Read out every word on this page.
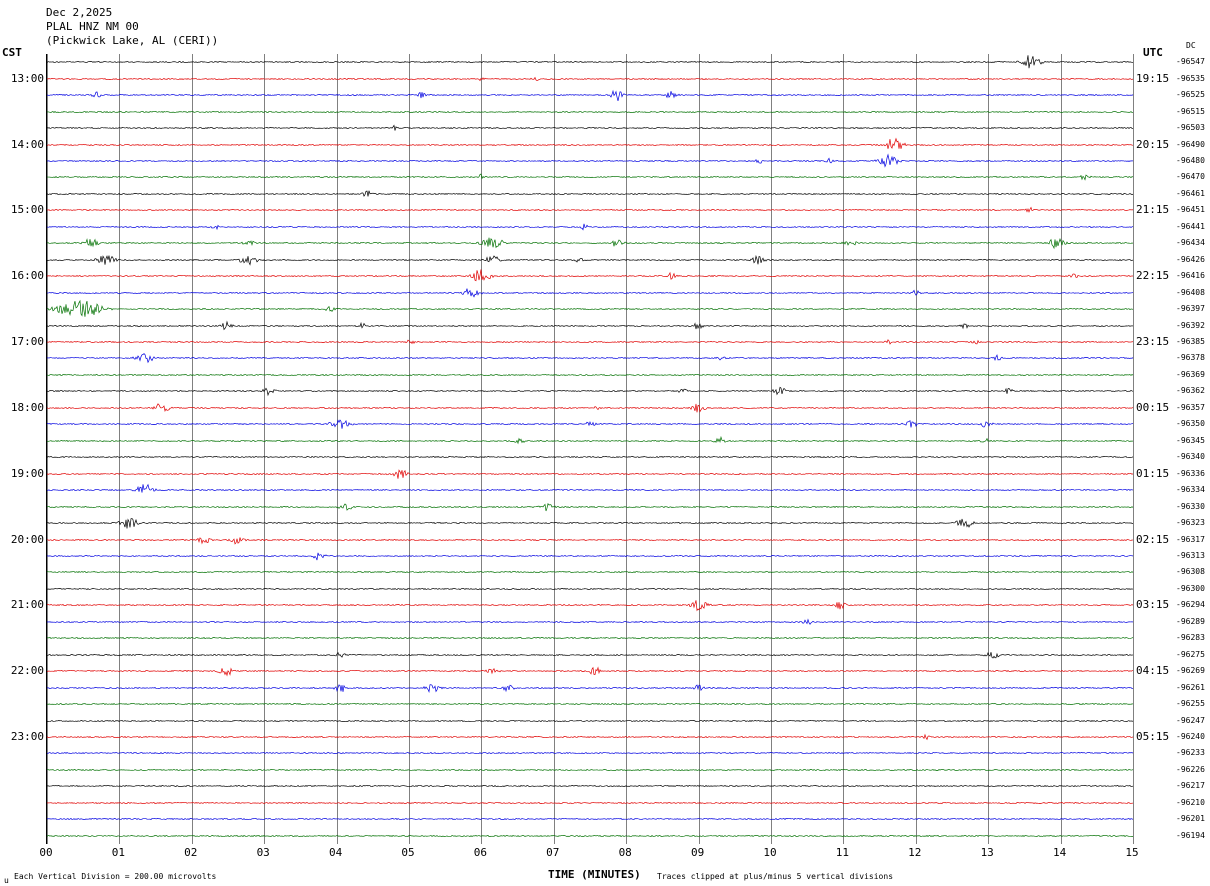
Dec 2,2025
PLAL HNZ NM 00
(Pickwick Lake, AL (CERI))
CST	UTC
DC
TIME (MINUTES)
Each Vertical Division = 200.00 microvolts	Traces clipped at plus/minus 5 vertical divisions
u
00	01	02	03	04	05	06	07	08	09	10	11	12	13	14	15
-96547
-96535
-96525
-96515
-96503
-96490
-96480
-96470
-96461
-96451
-96441
-96434
-96426
-96416
-96408
-96397
-96392
-96385
-96378
-96369
-96362
-96357
-96350
-96345
-96340
-96336
-96334
-96330
-96323
-96317
-96313
-96308
-96300
-96294
-96289
-96283
-96275
-96269
-96261
-96255
-96247
-96240
-96233
-96226
-96217
-96210
-96201
-96194
13:00
14:00
15:00
16:00
17:00
18:00
19:00
20:00
21:00
22:00
23:00
19:15
20:15
21:15
22:15
23:15
00:15
01:15
02:15
03:15
04:15
05:15
